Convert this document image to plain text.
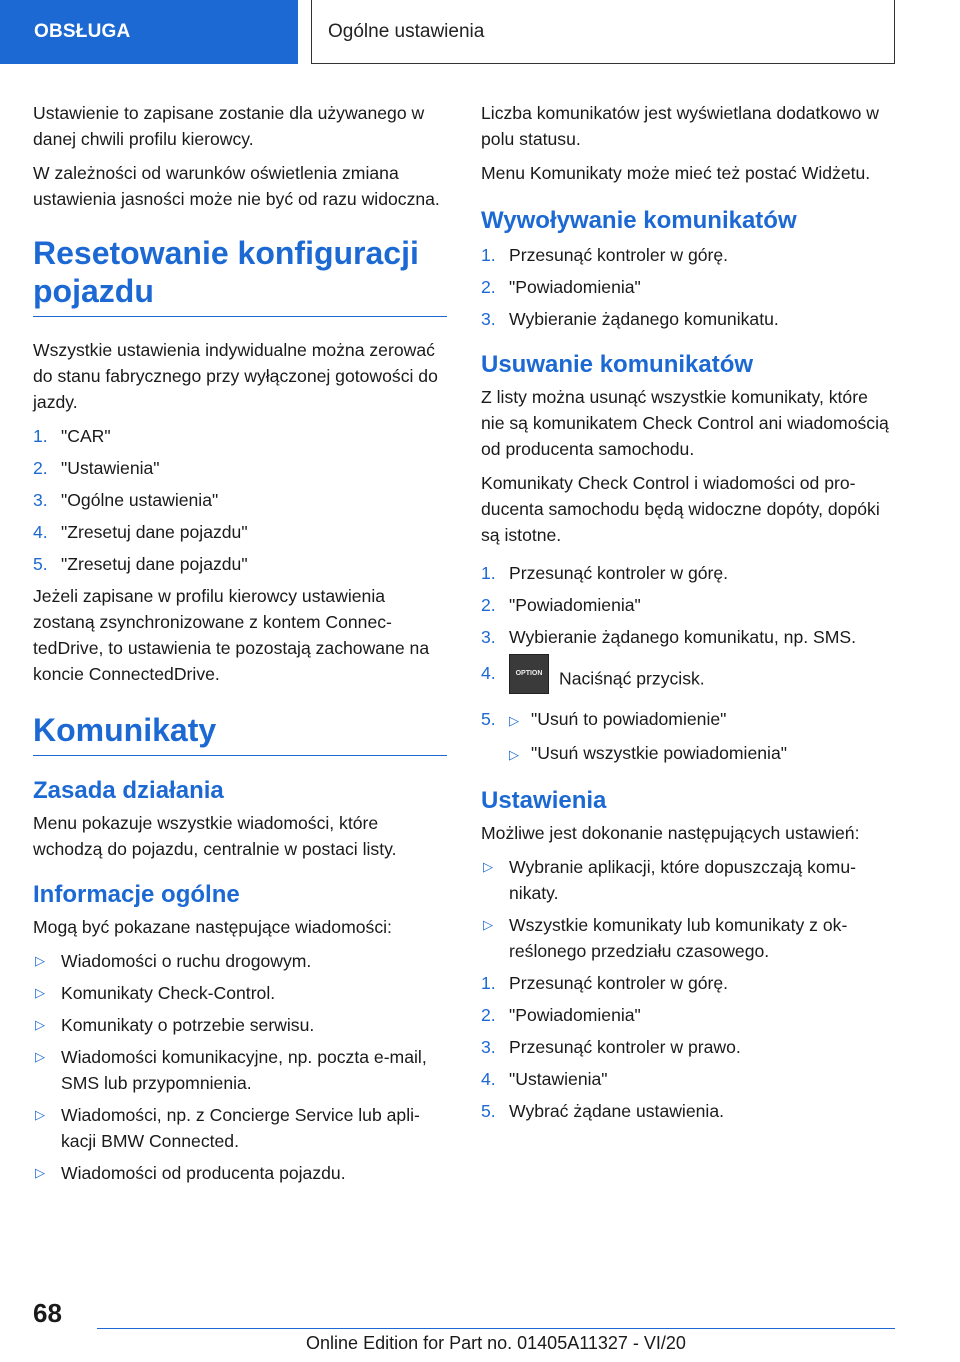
OBSŁUGA	Ogólne ustawienia

Ustawienie to zapisane zostanie dla używanego w danej chwili profilu kierowcy.

W zależności od warunków oświetlenia zmiana ustawienia jasności może nie być od razu widoczna.

Resetowanie konfiguracji pojazdu

Wszystkie ustawienia indywidualne można zerować do stanu fabrycznego przy wyłączonej gotowości do jazdy.

1. "CAR"
2. "Ustawienia"
3. "Ogólne ustawienia"
4. "Zresetuj dane pojazdu"
5. "Zresetuj dane pojazdu"

Jeżeli zapisane w profilu kierowcy ustawienia zostaną zsynchronizowane z kontem ConnectedDrive, to ustawienia te pozostają zachowane na koncie ConnectedDrive.

Komunikaty
Zasada działania

Menu pokazuje wszystkie wiadomości, które wchodzą do pojazdu, centralnie w postaci listy.

Informacje ogólne

Mogą być pokazane następujące wiadomości:

▷ Wiadomości o ruchu drogowym.
▷ Komunikaty Check-Control.
▷ Komunikaty o potrzebie serwisu.
▷ Wiadomości komunikacyjne, np. poczta e-mail, SMS lub przypomnienia.
▷ Wiadomości, np. z Concierge Service lub aplikacji BMW Connected.
▷ Wiadomości od producenta pojazdu.

Liczba komunikatów jest wyświetlana dodatkowo w polu statusu.

Menu Komunikaty może mieć też postać Widżetu.

Wywoływanie komunikatów
1. Przesunąć kontroler w górę.
2. "Powiadomienia"
3. Wybieranie żądanego komunikatu.
Usuwanie komunikatów

Z listy można usunąć wszystkie komunikaty, które nie są komunikatem Check Control ani wiadomością od producenta samochodu.

Komunikaty Check Control i wiadomości od producenta samochodu będą widoczne dopóty, dopóki są istotne.

1. Przesunąć kontroler w górę.
2. "Powiadomienia"
3. Wybieranie żądanego komunikatu, np. SMS.
4.	OPTION Naciśnąć przycisk.
5. ▷ "Usuń to powiadomienie"
▷ "Usuń wszystkie powiadomienia"
Ustawienia

Możliwe jest dokonanie następujących ustawień:

▷ Wybranie aplikacji, które dopuszczają komunikaty.
▷ Wszystkie komunikaty lub komunikaty z określonego przedziału czasowego.
1. Przesunąć kontroler w górę.
2. "Powiadomienia"
3. Przesunąć kontroler w prawo.
4. "Ustawienia"
5. Wybrać żądane ustawienia.
68
Online Edition for Part no. 01405A11327 - VI/20
